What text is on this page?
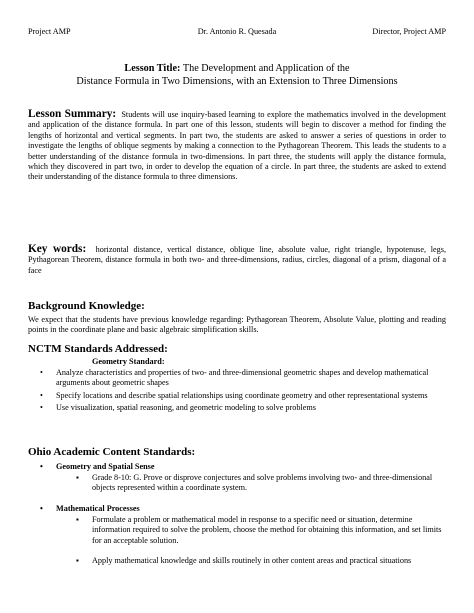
Project AMP	Dr. Antonio R. Quesada	Director, Project AMP
Lesson Title: The Development and Application of the
Distance Formula in Two Dimensions, with an Extension to Three Dimensions
Lesson Summary: Students will use inquiry-based learning to explore the mathematics involved in the development and application of the distance formula. In part one of this lesson, students will begin to discover a method for finding the lengths of horizontal and vertical segments. In part two, the students are asked to answer a series of questions in order to investigate the lengths of oblique segments by making a connection to the Pythagorean Theorem. This leads the students to a better understanding of the distance formula in two-dimensions. In part three, the students will apply the distance formula, which they discovered in part two, in order to develop the equation of a circle. In part three, the students are asked to extend their understanding of the distance formula to three dimensions.
Key words: horizontal distance, vertical distance, oblique line, absolute value, right triangle, hypotenuse, legs, Pythagorean Theorem, distance formula in both two- and three-dimensions, radius, circles, diagonal of a prism, diagonal of a face
Background Knowledge:
We expect that the students have previous knowledge regarding: Pythagorean Theorem, Absolute Value, plotting and reading points in the coordinate plane and basic algebraic simplification skills.
NCTM Standards Addressed:
Geometry Standard:
• Analyze characteristics and properties of two- and three-dimensional geometric shapes and develop mathematical arguments about geometric shapes
• Specify locations and describe spatial relationships using coordinate geometry and other representational systems
• Use visualization, spatial reasoning, and geometric modeling to solve problems
Ohio Academic Content Standards:
• Geometry and Spatial Sense
▪ Grade 8-10: G. Prove or disprove conjectures and solve problems involving two- and three-dimensional objects represented within a coordinate system.
• Mathematical Processes
▪ Formulate a problem or mathematical model in response to a specific need or situation, determine information required to solve the problem, choose the method for obtaining this information, and set limits for an acceptable solution.
▪ Apply mathematical knowledge and skills routinely in other content areas and practical situations
